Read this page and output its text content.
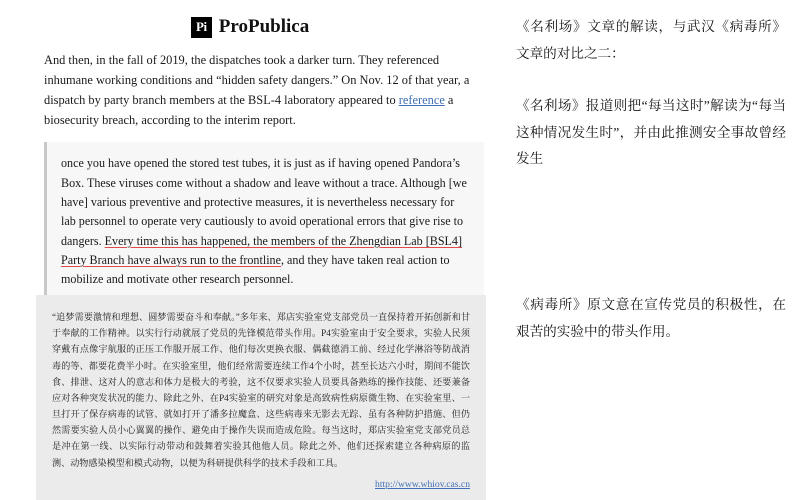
Pi ProPublica

And then, in the fall of 2019, the dispatches took a darker turn. They referenced inhumane working conditions and “hidden safety dangers.” On Nov. 12 of that year, a dispatch by party branch members at the BSL-4 laboratory appeared to reference a biosecurity breach, according to the interim report.

once you have opened the stored test tubes, it is just as if having opened Pandora’s Box. These viruses come without a shadow and leave without a trace. Although [we have] various preventive and protective measures, it is nevertheless necessary for lab personnel to operate very cautiously to avoid operational errors that give rise to dangers. Every time this has happened, the members of the Zhengdian Lab [BSL4] Party Branch have always run to the frontline, and they have taken real action to mobilize and motivate other research personnel.

“追梦需要激情和理想、圆梦需要奋斗和奉献。”多年来、郑店实验室党支部党员一直保持着开拓创新和甘于奉献的工作精神。以实行行动就展了党员的先锋模范带头作用。P4实验室由于安全要求，实验人民须穿戴有点像宇航服的正压工作服开展工作、他们每次更换衣服、偶截德消工前、经过化学淋浴等防战消毒的等、都要花费半小时。在实验室里，他们经常需要连续工作4个小时，甚至长达六小时，期间不能饮食、排泄、这对人的意志和体力是极大的考验，这不仅要求实验人员要具备熟练的操作技能、还要兼备应对各种突发状况的能力、除此之外、在P4实验室的研究对象是高致病性病原微生物、在实验室里、一旦打开了保存病毒的试管、就如打开了潘多拉魔盒、这些病毒来无影去无踪、虽有各种防护措施、但仍然需要实验人员小心翼翼的操作、避免由于操作失误而造成危险。每当这时，郑店实验室党支部党员总是冲在第一线、以实际行动带动和鼓舞着实验其他他人员。除此之外、他们还探索建立各种病原的监测、动物感染模型和模式动物，以便为科研提供科学的技术手段和工具。

http://www.whiov.cas.cn

《名利场》文章的解读，与武汉《病毒所》文章的对比之二：

《名利场》报道则把“每当这时”解读为“每当这种情况发生时”，并由此推测安全事故曾经发生

《病毒所》原文意在宣传党员的积极性，在艰苦的实验中的带头作用。
